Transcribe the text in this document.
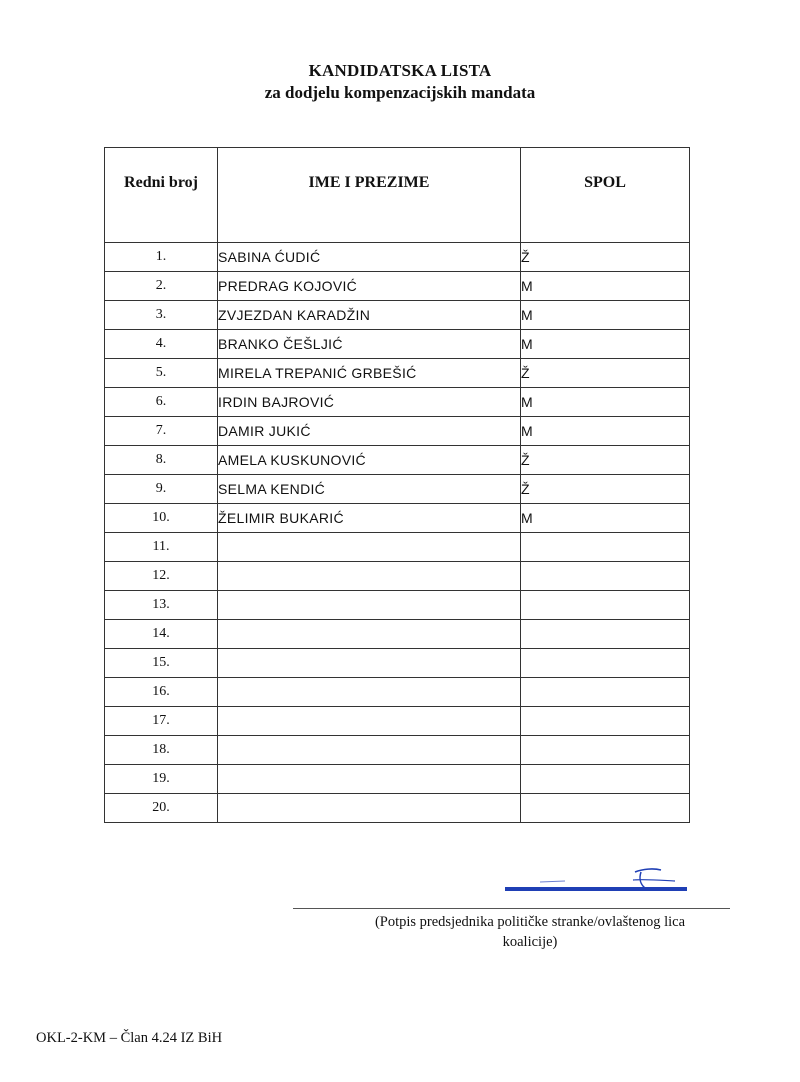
KANDIDATSKA LISTA
za dodjelu kompenzacijskih mandata
Redni broj	IME I PREZIME	SPOL
1.	SABINA ĆUDIĆ	Ž
2.	PREDRAG KOJOVIĆ	M
3.	ZVJEZDAN KARADŽIN	M
4.	BRANKO ČEŠLJIĆ	M
5.	MIRELA TREPANIĆ GRBEŠIĆ	Ž
6.	IRDIN BAJROVIĆ	M
7.	DAMIR JUKIĆ	M
8.	AMELA KUSKUNOVIĆ	Ž
9.	SELMA KENDIĆ	Ž
10.	ŽELIMIR BUKARIĆ	M
11.		
12.		
13.		
14.		
15.		
16.		
17.		
18.		
19.		
20.		
(Potpis predsjednika političke stranke/ovlaštenog lica
koalicije)
OKL-2-KM – Član 4.24 IZ BiH
